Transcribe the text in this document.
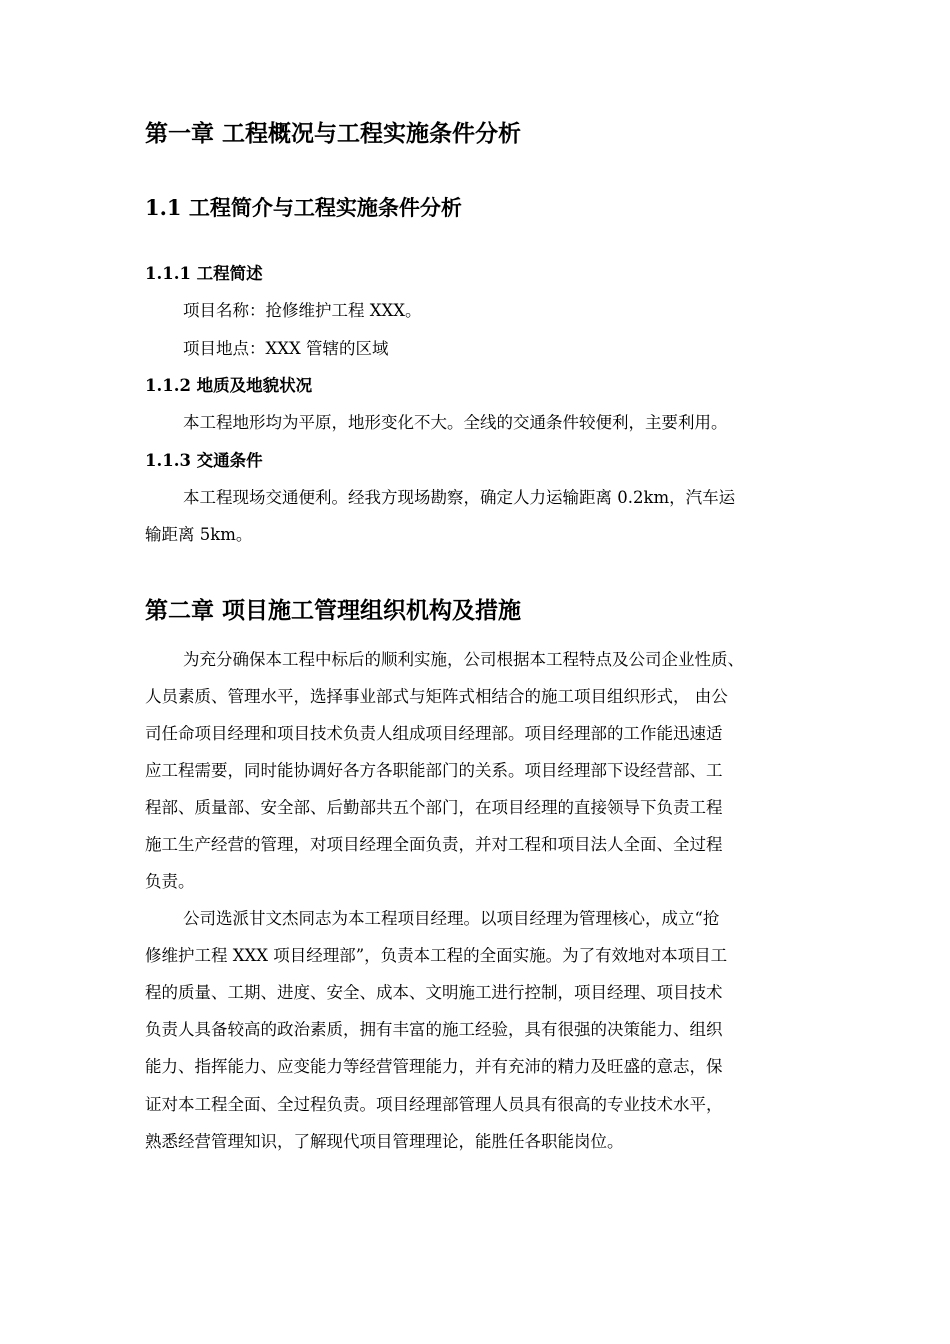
第一章 工程概况与工程实施条件分析
1.1 工程简介与工程实施条件分析
1.1.1 工程简述

项目名称：抢修维护工程 XXX。

项目地点：XXX 管辖的区域

1.1.2 地质及地貌状况

本工程地形均为平原，地形变化不大。全线的交通条件较便利，主要利用。

1.1.3 交通条件

本工程现场交通便利。经我方现场勘察，确定人力运输距离 0.2km，汽车运

输距离 5km。

第二章 项目施工管理组织机构及措施

为充分确保本工程中标后的顺利实施，公司根据本工程特点及公司企业性质、

人员素质、管理水平，选择事业部式与矩阵式相结合的施工项目组织形式， 由公

司任命项目经理和项目技术负责人组成项目经理部。项目经理部的工作能迅速适

应工程需要，同时能协调好各方各职能部门的关系。项目经理部下设经营部、工

程部、质量部、安全部、后勤部共五个部门，在项目经理的直接领导下负责工程

施工生产经营的管理，对项目经理全面负责，并对工程和项目法人全面、全过程

负责。

公司选派甘文杰同志为本工程项目经理。以项目经理为管理核心，成立“抢

修维护工程 XXX 项目经理部”，负责本工程的全面实施。为了有效地对本项目工

程的质量、工期、进度、安全、成本、文明施工进行控制，项目经理、项目技术

负责人具备较高的政治素质，拥有丰富的施工经验，具有很强的决策能力、组织

能力、指挥能力、应变能力等经营管理能力，并有充沛的精力及旺盛的意志，保

证对本工程全面、全过程负责。项目经理部管理人员具有很高的专业技术水平，

熟悉经营管理知识，了解现代项目管理理论，能胜任各职能岗位。
